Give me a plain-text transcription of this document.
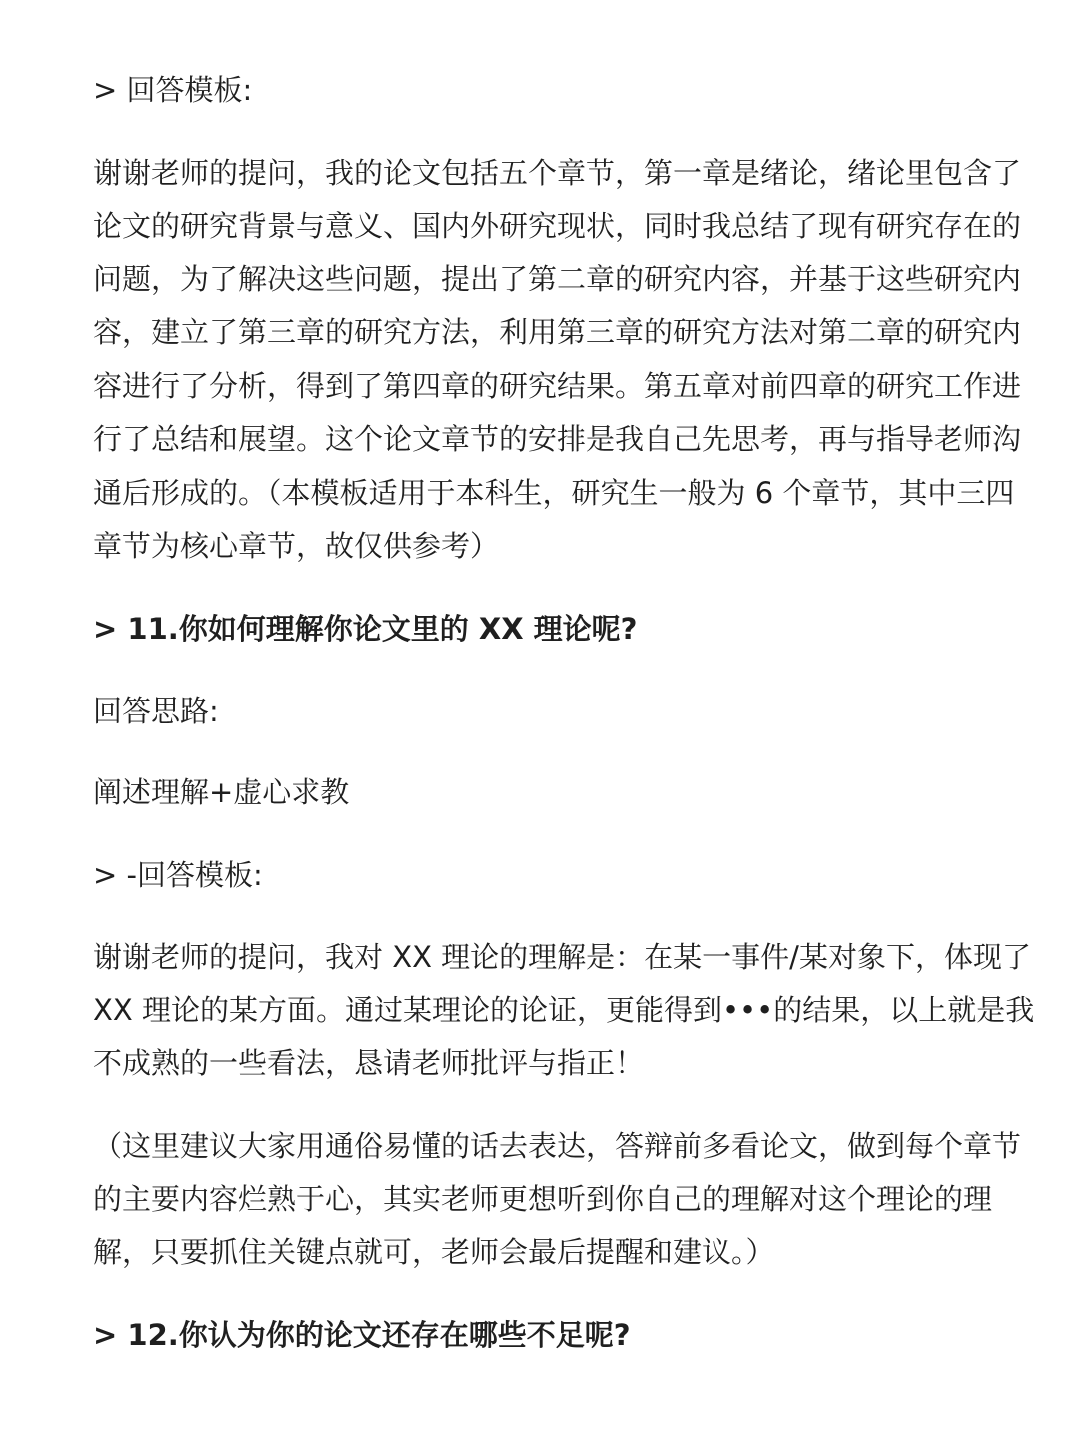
> 回答模板:
谢谢老师的提问，我的论文包括五个章节，第一章是绪论，绪论里包含了
论文的研究背景与意义、国内外研究现状，同时我总结了现有研究存在的
问题，为了解决这些问题，提出了第二章的研究内容，并基于这些研究内
容，建立了第三章的研究方法，利用第三章的研究方法对第二章的研究内
容进行了分析，得到了第四章的研究结果。第五章对前四章的研究工作进
行了总结和展望。这个论文章节的安排是我自己先思考，再与指导老师沟
通后形成的。（本模板适用于本科生，研究生一般为 6 个章节，其中三四
章节为核心章节，故仅供参考）
> 11.你如何理解你论文里的 XX 理论呢?
回答思路:
阐述理解+虚心求教
> -回答模板:
谢谢老师的提问，我对 XX 理论的理解是：在某一事件/某对象下，体现了
XX 理论的某方面。通过某理论的论证，更能得到•••的结果，以上就是我
不成熟的一些看法，恳请老师批评与指正！
（这里建议大家用通俗易懂的话去表达，答辩前多看论文，做到每个章节
的主要内容烂熟于心，其实老师更想听到你自己的理解对这个理论的理
解，只要抓住关键点就可，老师会最后提醒和建议。）
> 12.你认为你的论文还存在哪些不足呢?
